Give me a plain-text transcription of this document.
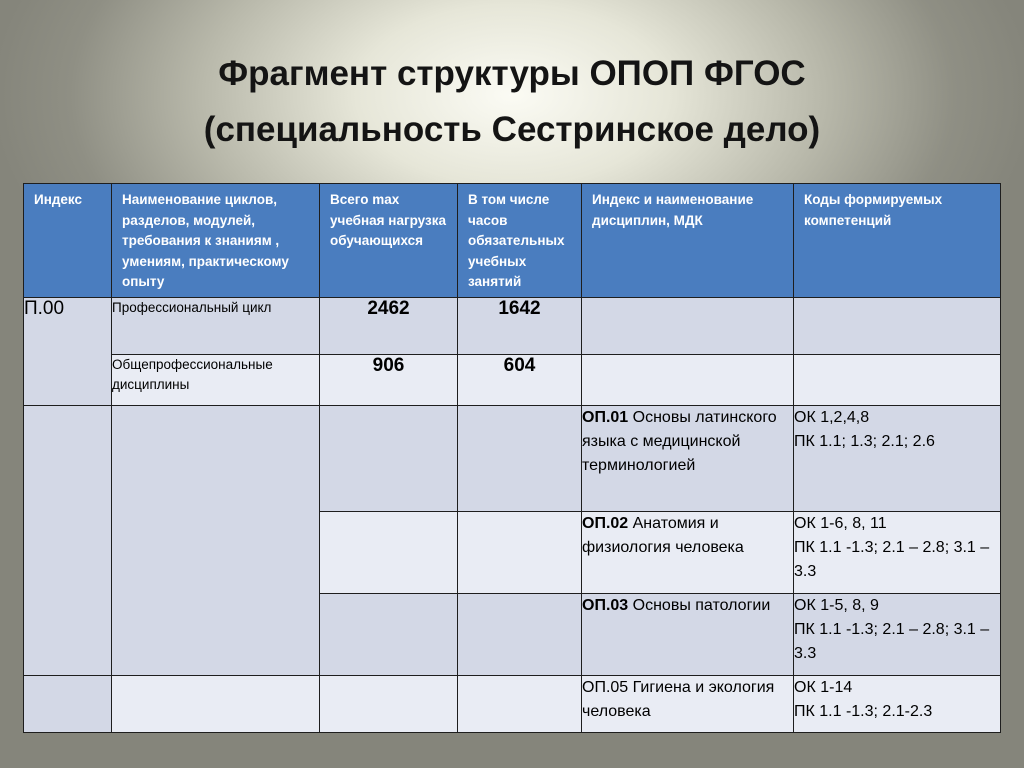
Фрагмент структуры ОПОП ФГОС
(специальность Сестринское дело)
Индекс	Наименование циклов, разделов, модулей, требования к знаниям , умениям, практическому опыту	Всего max учебная нагрузка обучающихся	В том числе часов обязательных учебных занятий	Индекс и наименование дисциплин, МДК	Коды формируемых компетенций
П.00	Профессиональный цикл	2462	1642		

	Общепрофессиональные дисциплины	906	604		

				ОП.01 Основы латинского языка с медицинской терминологией	ОК 1,2,4,8
ПК 1.1; 1.3; 2.1; 2.6

				ОП.02 Анатомия и физиология человека	ОК 1-6, 8, 11
ПК 1.1 -1.3; 2.1 – 2.8; 3.1 – 3.3

				ОП.03 Основы патологии	ОК 1-5, 8, 9
ПК 1.1 -1.3; 2.1 – 2.8; 3.1 – 3.3

				ОП.05 Гигиена и экология человека	ОК 1-14
ПК 1.1 -1.3; 2.1-2.3
